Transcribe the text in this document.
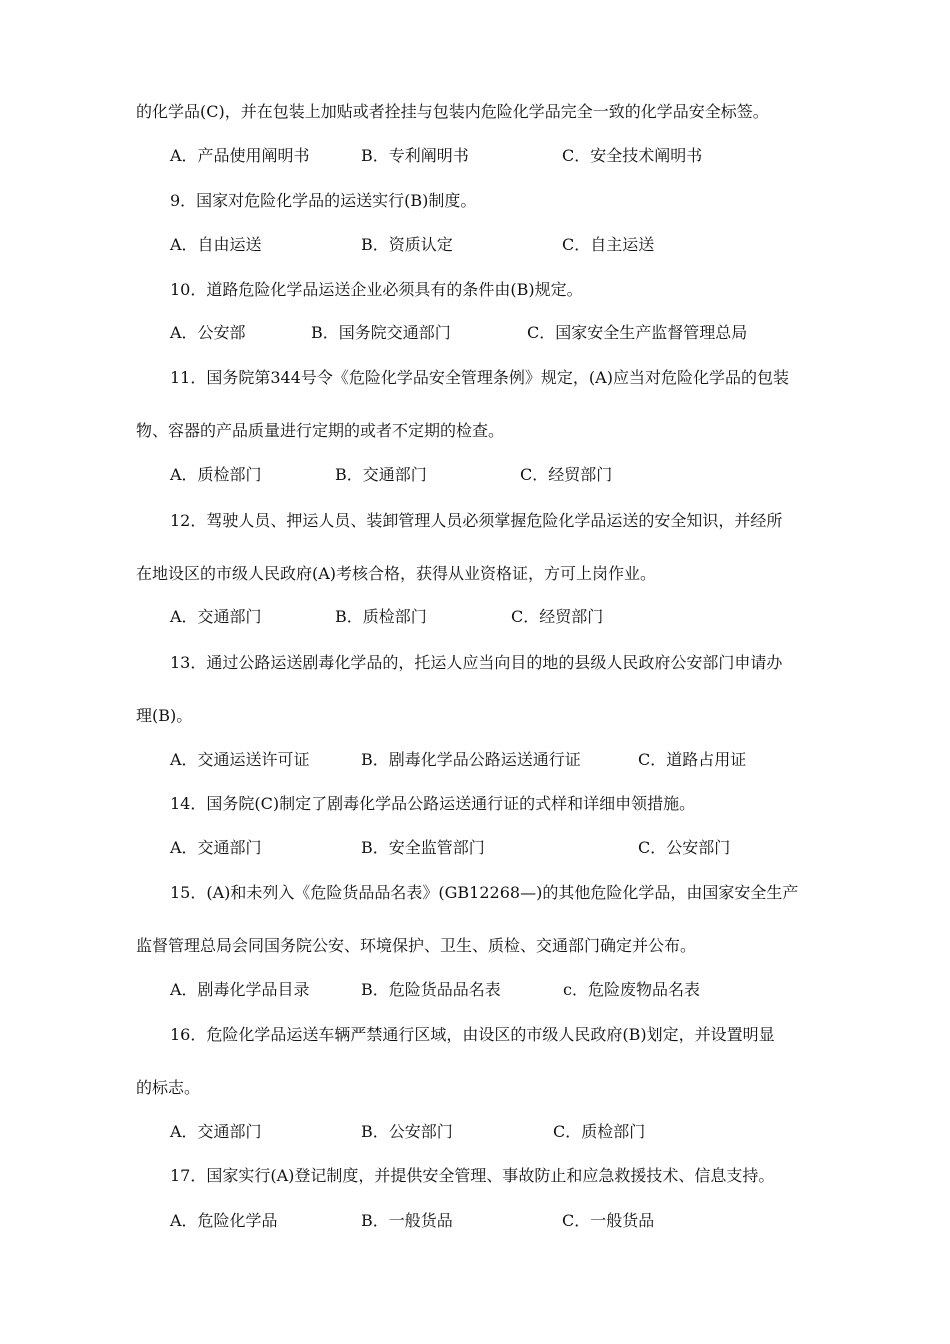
的化学品(C)，并在包装上加贴或者拴挂与包装内危险化学品完全一致的化学品安全标签。
A．产品使用阐明书	B．专利阐明书	C．安全技术阐明书
9．国家对危险化学品的运送实行(B)制度。
A．自由运送	B．资质认定	C．自主运送
10．道路危险化学品运送企业必须具有的条件由(B)规定。
A．公安部	B．国务院交通部门	C．国家安全生产监督管理总局
11．国务院第344号令《危险化学品安全管理条例》规定，(A)应当对危险化学品的包装
物、容器的产品质量进行定期的或者不定期的检查。
A．质检部门	B．交通部门	C．经贸部门
12．驾驶人员、押运人员、装卸管理人员必须掌握危险化学品运送的安全知识，并经所
在地设区的市级人民政府(A)考核合格，获得从业资格证，方可上岗作业。
A．交通部门	B．质检部门	C．经贸部门
13．通过公路运送剧毒化学品的，托运人应当向目的地的县级人民政府公安部门申请办
理(B)。
A．交通运送许可证	B．剧毒化学品公路运送通行证	C．道路占用证
14．国务院(C)制定了剧毒化学品公路运送通行证的式样和详细申领措施。
A．交通部门	B．安全监管部门	C．公安部门
15．(A)和未列入《危险货品品名表》(GB12268—)的其他危险化学品，由国家安全生产
监督管理总局会同国务院公安、环境保护、卫生、质检、交通部门确定并公布。
A．剧毒化学品目录	B．危险货品品名表	c．危险废物品名表
16．危险化学品运送车辆严禁通行区域，由设区的市级人民政府(B)划定，并设置明显
的标志。
A．交通部门	B．公安部门	C．质检部门
17．国家实行(A)登记制度，并提供安全管理、事故防止和应急救援技术、信息支持。
A．危险化学品	B．一般货品	C．一般货品
